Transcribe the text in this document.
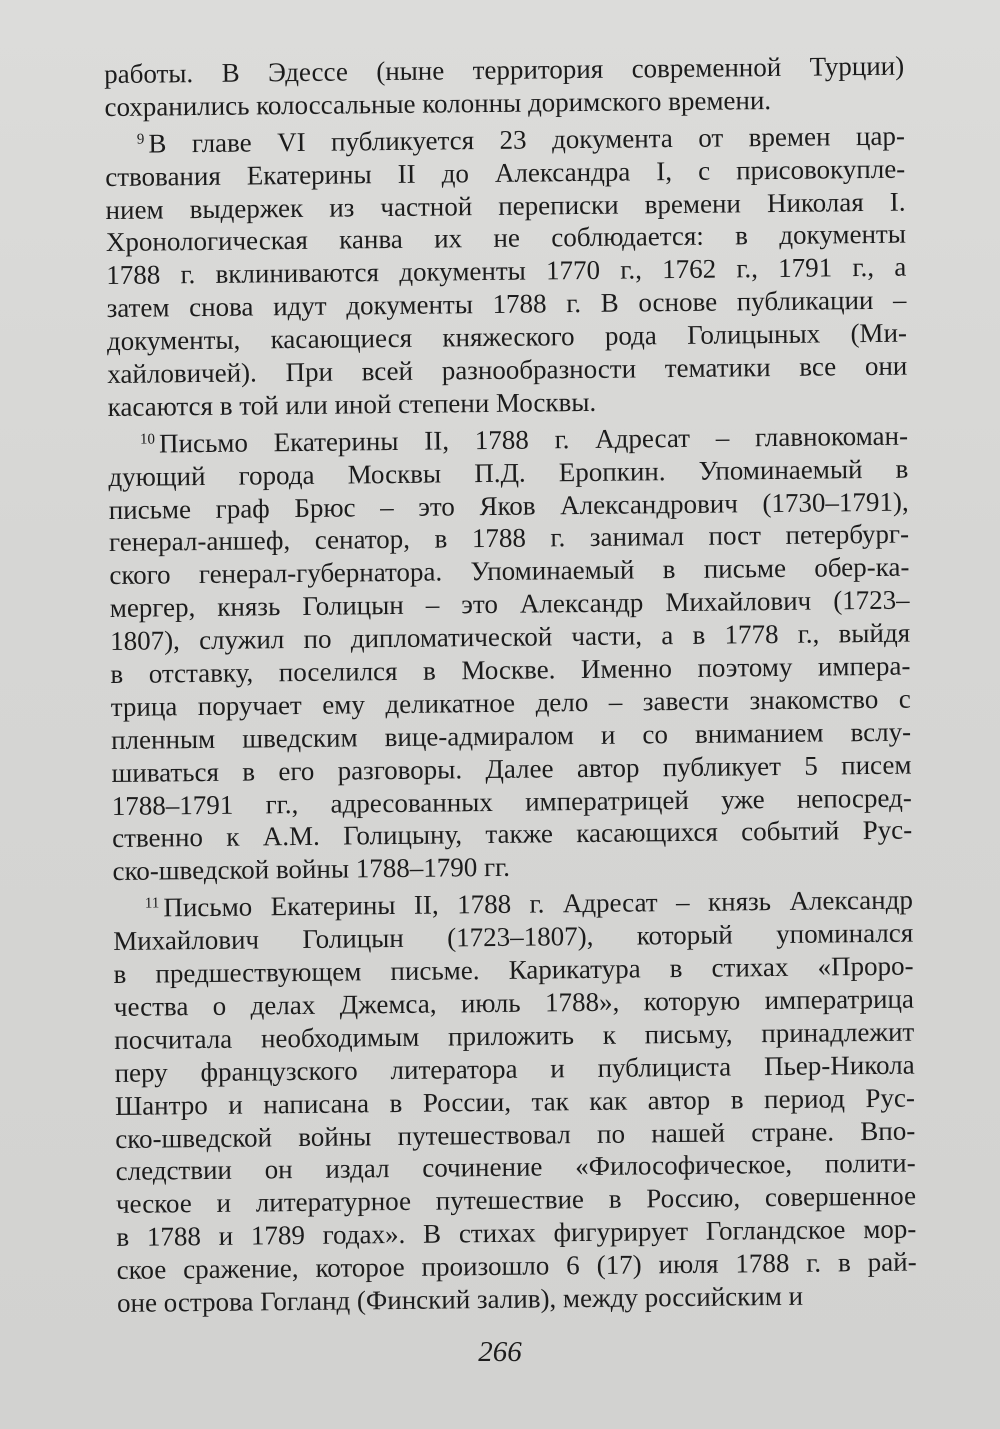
работы. В Эдессе (ныне территория современной Турции)
сохранились колоссальные колонны доримского времени.
$^9$ В главе VI публикуется 23 документа от времен цар-
ствования Екатерины II до Александра I, с присовокупле-
нием выдержек из частной переписки времени Николая I.
Хронологическая канва их не соблюдается: в документы
1788 г. вклиниваются документы 1770 г., 1762 г., 1791 г., а
затем снова идут документы 1788 г. В основе публикации –
документы, касающиеся княжеского рода Голицыных (Ми-
хайловичей). При всей разнообразности тематики все они
касаются в той или иной степени Москвы.
$^{10}$ Письмо Екатерины II, 1788 г. Адресат – главнокоман-
дующий города Москвы П.Д. Еропкин. Упоминаемый в
письме граф Брюс – это Яков Александрович (1730–1791),
генерал-аншеф, сенатор, в 1788 г. занимал пост петербург-
ского генерал-губернатора. Упоминаемый в письме обер-ка-
мергер, князь Голицын – это Александр Михайлович (1723–
1807), служил по дипломатической части, а в 1778 г., выйдя
в отставку, поселился в Москве. Именно поэтому импера-
трица поручает ему деликатное дело – завести знакомство с
пленным шведским вице-адмиралом и со вниманием вслу-
шиваться в его разговоры. Далее автор публикует 5 писем
1788–1791 гг., адресованных императрицей уже непосред-
ственно к А.М. Голицыну, также касающихся событий Рус-
ско-шведской войны 1788–1790 гг.
$^{11}$ Письмо Екатерины II, 1788 г. Адресат – князь Александр
Михайлович Голицын (1723–1807), который упоминался
в предшествующем письме. Карикатура в стихах «Проро-
чества о делах Джемса, июль 1788», которую императрица
посчитала необходимым приложить к письму, принадлежит
перу французского литератора и публициста Пьер-Никола
Шантро и написана в России, так как автор в период Рус-
ско-шведской войны путешествовал по нашей стране. Впо-
следствии он издал сочинение «Философическое, полити-
ческое и литературное путешествие в Россию, совершенное
в 1788 и 1789 годах». В стихах фигурирует Гогландское мор-
ское сражение, которое произошло 6 (17) июля 1788 г. в рай-
оне острова Гогланд (Финский залив), между российским и
266
